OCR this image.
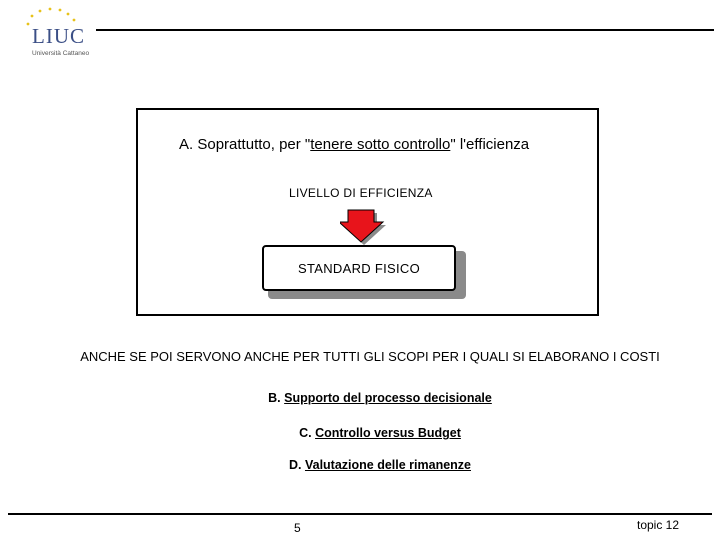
LIUC
Università Cattaneo
A. Soprattutto, per "tenere sotto controllo" l'efficienza
LIVELLO DI EFFICIENZA
STANDARD FISICO
ANCHE SE POI SERVONO ANCHE PER TUTTI GLI SCOPI PER I QUALI SI ELABORANO I COSTI
B. Supporto del processo decisionale
C. Controllo versus Budget
D. Valutazione delle rimanenze
5	topic 12
